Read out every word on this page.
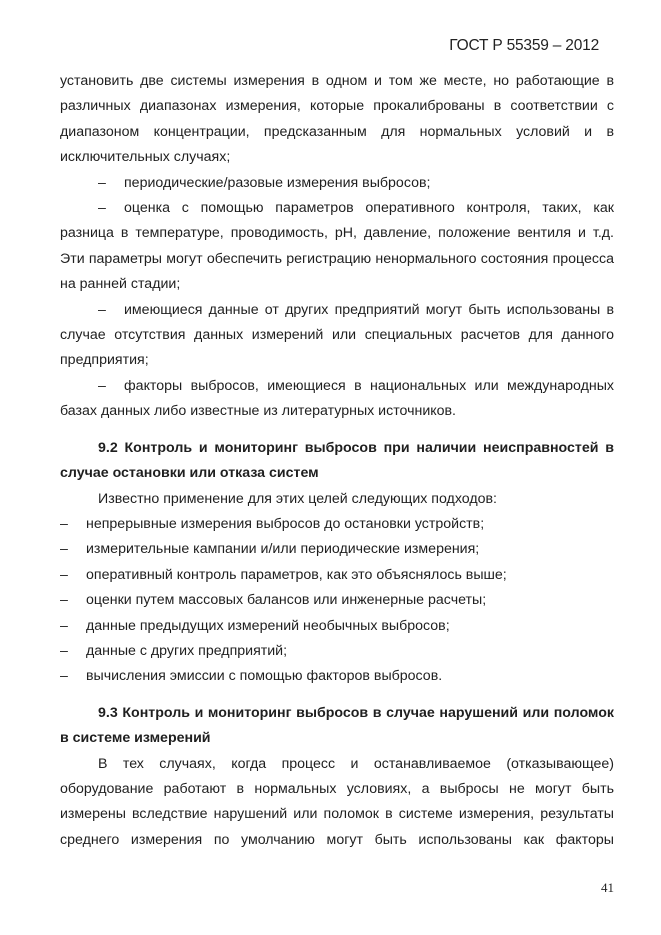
ГОСТ Р 55359 – 2012

установить две системы измерения в одном и том же месте, но работающие в различных диапазонах измерения, которые прокалиброваны в соответствии с диапазоном концентрации, предсказанным для нормальных условий и в исключительных случаях;

– периодические/разовые измерения выбросов;

– оценка с помощью параметров оперативного контроля, таких, как разница в температуре, проводимость, pH, давление, положение вентиля и т.д. Эти параметры могут обеспечить регистрацию ненормального состояния процесса на ранней стадии;

– имеющиеся данные от других предприятий могут быть использованы в случае отсутствия данных измерений или специальных расчетов для данного предприятия;

– факторы выбросов, имеющиеся в национальных или международных базах данных либо известные из литературных источников.

9.2 Контроль и мониторинг выбросов при наличии неисправностей в случае остановки или отказа систем

Известно применение для этих целей следующих подходов:

– непрерывные измерения выбросов до остановки устройств;

– измерительные кампании и/или периодические измерения;

– оперативный контроль параметров, как это объяснялось выше;

– оценки путем массовых балансов или инженерные расчеты;

– данные предыдущих измерений необычных выбросов;

– данные с других предприятий;

– вычисления эмиссии с помощью факторов выбросов.

9.3 Контроль и мониторинг выбросов в случае нарушений или поломок в системе измерений

В тех случаях, когда процесс и останавливаемое (отказывающее) оборудование работают в нормальных условиях, а выбросы не могут быть измерены вследствие нарушений или поломок в системе измерения, результаты среднего измерения по умолчанию могут быть использованы как факторы

41
